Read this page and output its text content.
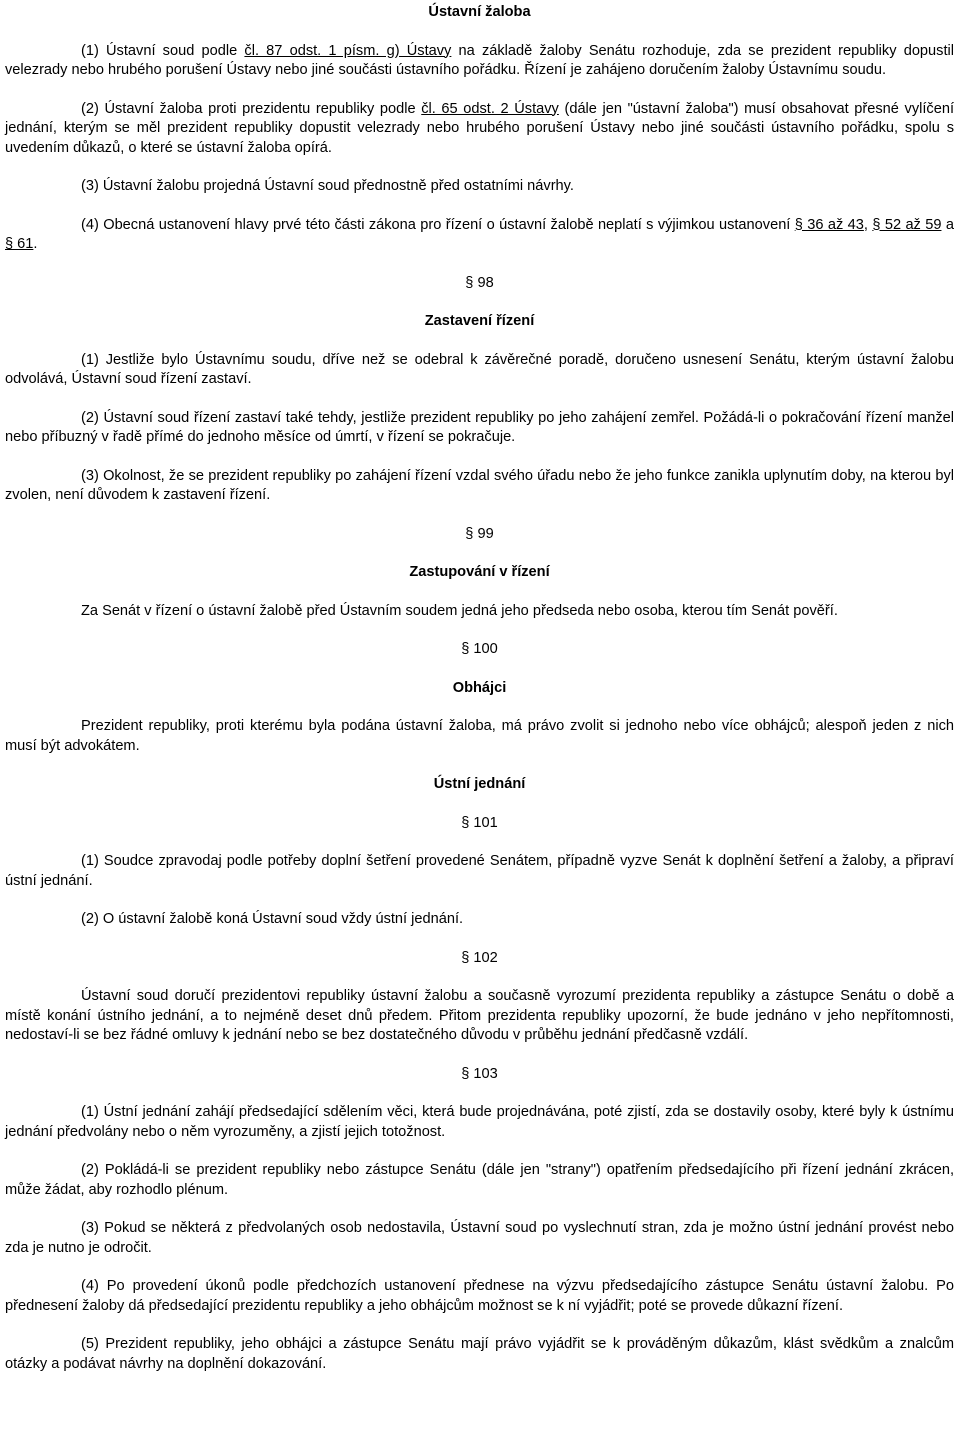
Ústavní žaloba

(1) Ústavní soud podle čl. 87 odst. 1 písm. g) Ústavy na základě žaloby Senátu rozhoduje, zda se prezident republiky dopustil velezrady nebo hrubého porušení Ústavy nebo jiné součásti ústavního pořádku. Řízení je zahájeno doručením žaloby Ústavnímu soudu.

(2) Ústavní žaloba proti prezidentu republiky podle čl. 65 odst. 2 Ústavy (dále jen "ústavní žaloba") musí obsahovat přesné vylíčení jednání, kterým se měl prezident republiky dopustit velezrady nebo hrubého porušení Ústavy nebo jiné součásti ústavního pořádku, spolu s uvedením důkazů, o které se ústavní žaloba opírá.

(3) Ústavní žalobu projedná Ústavní soud přednostně před ostatními návrhy.

(4) Obecná ustanovení hlavy prvé této části zákona pro řízení o ústavní žalobě neplatí s výjimkou ustanovení § 36 až 43, § 52 až 59 a § 61.

§ 98
Zastavení řízení

(1) Jestliže bylo Ústavnímu soudu, dříve než se odebral k závěrečné poradě, doručeno usnesení Senátu, kterým ústavní žalobu odvolává, Ústavní soud řízení zastaví.

(2) Ústavní soud řízení zastaví také tehdy, jestliže prezident republiky po jeho zahájení zemřel. Požádá-li o pokračování řízení manžel nebo příbuzný v řadě přímé do jednoho měsíce od úmrtí, v řízení se pokračuje.

(3) Okolnost, že se prezident republiky po zahájení řízení vzdal svého úřadu nebo že jeho funkce zanikla uplynutím doby, na kterou byl zvolen, není důvodem k zastavení řízení.

§ 99
Zastupování v řízení

Za Senát v řízení o ústavní žalobě před Ústavním soudem jedná jeho předseda nebo osoba, kterou tím Senát pověří.

§ 100
Obhájci

Prezident republiky, proti kterému byla podána ústavní žaloba, má právo zvolit si jednoho nebo více obhájců; alespoň jeden z nich musí být advokátem.

Ústní jednání
§ 101

(1) Soudce zpravodaj podle potřeby doplní šetření provedené Senátem, případně vyzve Senát k doplnění šetření a žaloby, a připraví ústní jednání.

(2) O ústavní žalobě koná Ústavní soud vždy ústní jednání.

§ 102

Ústavní soud doručí prezidentovi republiky ústavní žalobu a současně vyrozumí prezidenta republiky a zástupce Senátu o době a místě konání ústního jednání, a to nejméně deset dnů předem. Přitom prezidenta republiky upozorní, že bude jednáno v jeho nepřítomnosti, nedostaví-li se bez řádné omluvy k jednání nebo se bez dostatečného důvodu v průběhu jednání předčasně vzdálí.

§ 103

(1) Ústní jednání zahájí předsedající sdělením věci, která bude projednávána, poté zjistí, zda se dostavily osoby, které byly k ústnímu jednání předvolány nebo o něm vyrozuměny, a zjistí jejich totožnost.

(2) Pokládá-li se prezident republiky nebo zástupce Senátu (dále jen "strany") opatřením předsedajícího při řízení jednání zkrácen, může žádat, aby rozhodlo plénum.

(3) Pokud se některá z předvolaných osob nedostavila, Ústavní soud po vyslechnutí stran, zda je možno ústní jednání provést nebo zda je nutno je odročit.

(4) Po provedení úkonů podle předchozích ustanovení přednese na výzvu předsedajícího zástupce Senátu ústavní žalobu. Po přednesení žaloby dá předsedající prezidentu republiky a jeho obhájcům možnost se k ní vyjádřit; poté se provede důkazní řízení.

(5) Prezident republiky, jeho obhájci a zástupce Senátu mají právo vyjádřit se k prováděným důkazům, klást svědkům a znalcům otázky a podávat návrhy na doplnění dokazování.
